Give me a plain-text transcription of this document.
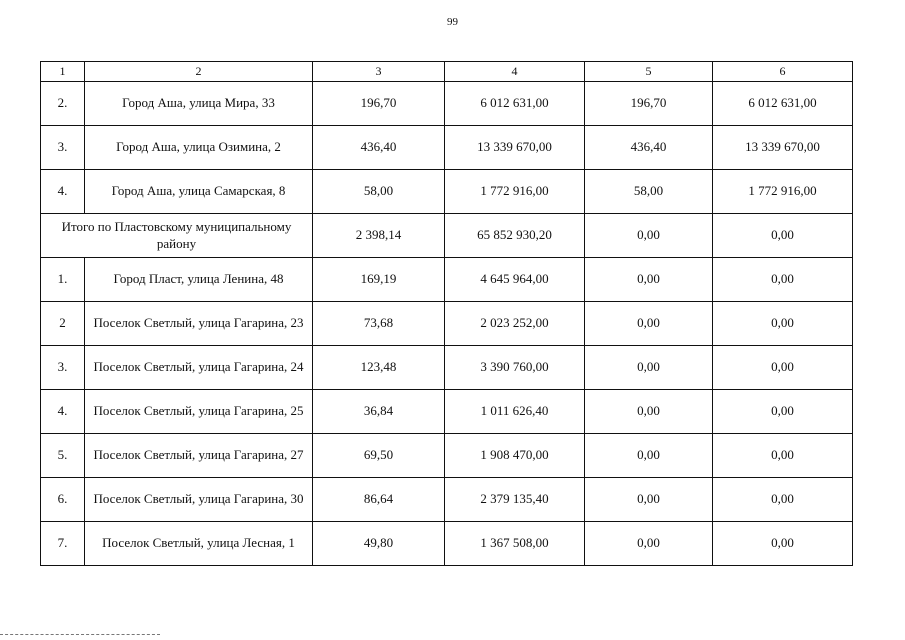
99
1	2	3	4	5	6
2.	Город Аша, улица Мира, 33	196,70	6 012 631,00	196,70	6 012 631,00
3.	Город Аша, улица Озимина, 2	436,40	13 339 670,00	436,40	13 339 670,00
4.	Город Аша, улица Самарская, 8	58,00	1 772 916,00	58,00	1 772 916,00
Итого по Пластовскому муниципальному району		2 398,14	65 852 930,20	0,00	0,00
1.	Город Пласт, улица Ленина, 48	169,19	4 645 964,00	0,00	0,00
2	Поселок Светлый, улица Гагарина, 23	73,68	2 023 252,00	0,00	0,00
3.	Поселок Светлый, улица Гагарина, 24	123,48	3 390 760,00	0,00	0,00
4.	Поселок Светлый, улица Гагарина, 25	36,84	1 011 626,40	0,00	0,00
5.	Поселок Светлый, улица Гагарина, 27	69,50	1 908 470,00	0,00	0,00
6.	Поселок Светлый, улица Гагарина, 30	86,64	2 379 135,40	0,00	0,00
7.	Поселок Светлый, улица Лесная, 1	49,80	1 367 508,00	0,00	0,00
